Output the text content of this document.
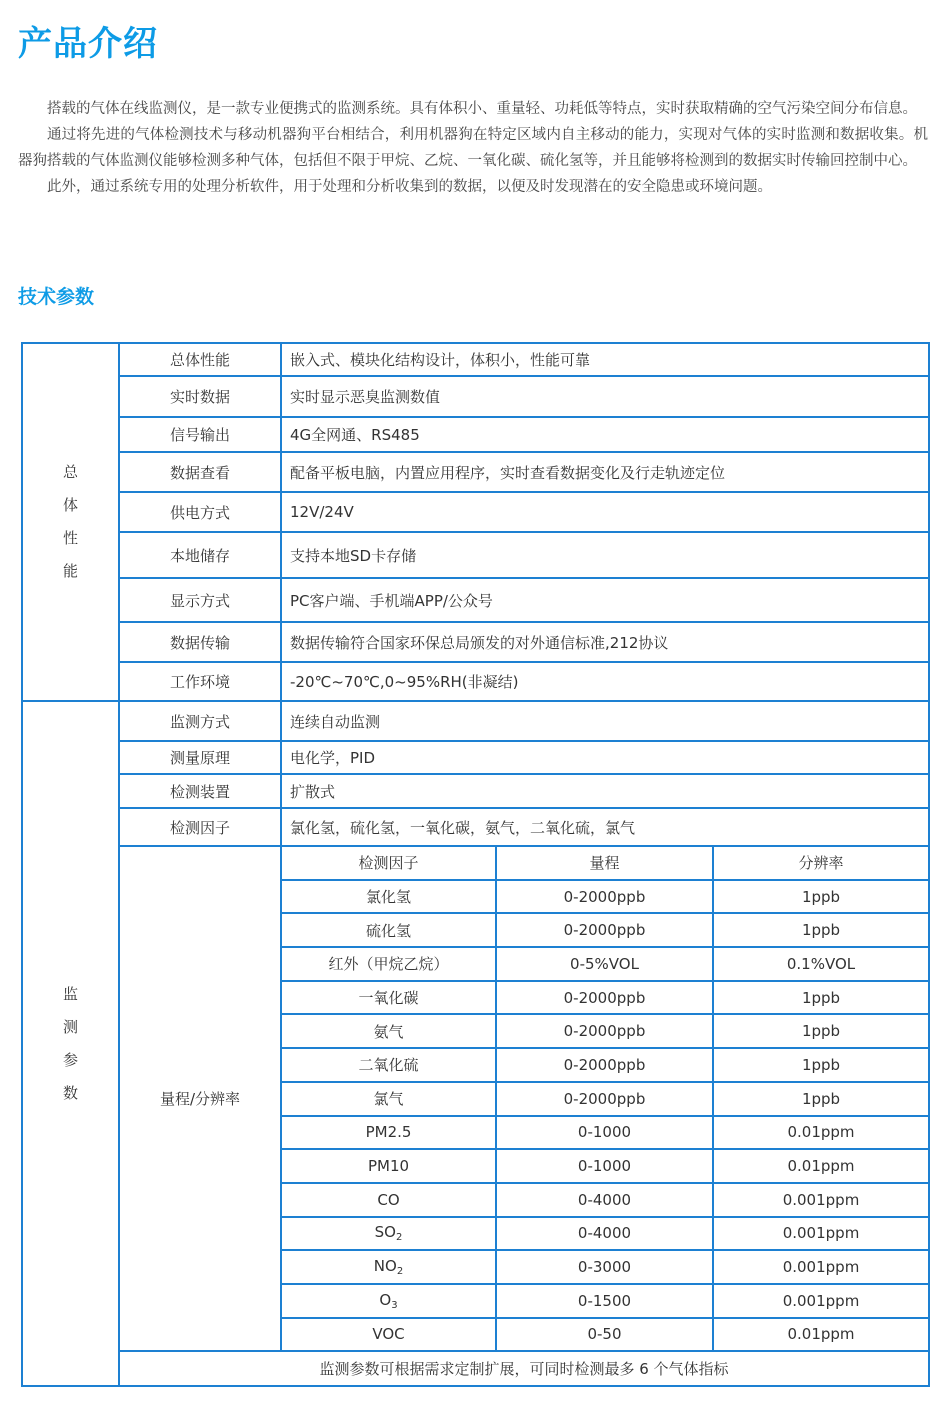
产品介绍

搭载的气体在线监测仪，是一款专业便携式的监测系统。具有体积小、重量轻、功耗低等特点，实时获取精确的空气污染空间分布信息。

通过将先进的气体检测技术与移动机器狗平台相结合，利用机器狗在特定区域内自主移动的能力，实现对气体的实时监测和数据收集。机器狗搭载的气体监测仪能够检测多种气体，包括但不限于甲烷、乙烷、一氧化碳、硫化氢等，并且能够将检测到的数据实时传输回控制中心。

此外，通过系统专用的处理分析软件，用于处理和分析收集到的数据，以便及时发现潜在的安全隐患或环境问题。

技术参数
总
体
性
能	总体性能	嵌入式、模块化结构设计，体积小，性能可靠		
	实时数据	实时显示恶臭监测数值		
	信号输出	4G全网通、RS485		
	数据查看	配备平板电脑，内置应用程序，实时查看数据变化及行走轨迹定位		
	供电方式	12V/24V		
	本地储存	支持本地SD卡存储		
	显示方式	PC客户端、手机端APP/公众号		
	数据传输	数据传输符合国家环保总局颁发的对外通信标准,212协议		
	工作环境	-20℃~70℃,0~95%RH(非凝结)		

监
测
参
数	监测方式	连续自动监测		
	测量原理	电化学，PID		
	检测装置	扩散式		
	检测因子	氯化氢，硫化氢，一氧化碳，氨气，二氧化硫，氯气		
	量程/分辨率	检测因子	量程	分辨率
		氯化氢	0-2000ppb	1ppb
		硫化氢	0-2000ppb	1ppb
		红外（甲烷乙烷）	0-5%VOL	0.1%VOL
		一氧化碳	0-2000ppb	1ppb
		氨气	0-2000ppb	1ppb
		二氧化硫	0-2000ppb	1ppb
		氯气	0-2000ppb	1ppb
		PM2.5	0-1000	0.01ppm
		PM10	0-1000	0.01ppm
		CO	0-4000	0.001ppm
		$SO_2$	0-4000	0.001ppm
		$NO_2$	0-3000	0.001ppm
		$O_3$	0-1500	0.001ppm
		VOC	0-50	0.01ppm
	监测参数可根据需求定制扩展，可同时检测最多 6 个气体指标			
